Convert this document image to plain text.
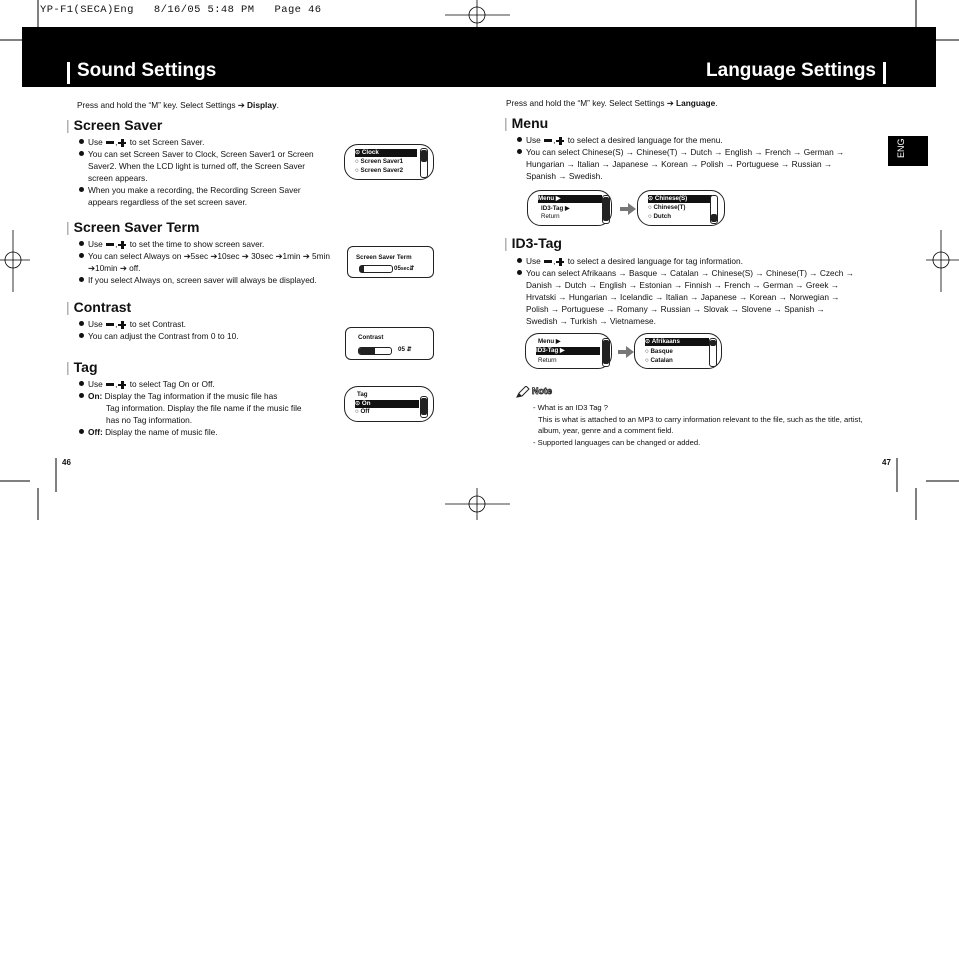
YP-F1(SECA)Eng   8/16/05 5:48 PM   Page 46
Sound Settings	Language Settings
Press and hold the “M” key. Select Settings ➔ Display.
| Screen Saver
Use , to set Screen Saver.
You can set Screen Saver to Clock, Screen Saver1 or Screen Saver2. When the LCD light is turned off, the Screen Saver screen appears.
When you make a recording, the Recording Screen Saver appears regardless of the set screen saver.
⊙ Clock
○ Screen Saver1
○ Screen Saver2
| Screen Saver Term
Use , to set the time to show screen saver.
You can select Always on ➔5sec ➔10sec ➔ 30sec ➔1min ➔ 5min ➔10min ➔ off.
If you select Always on, screen saver will always be displayed.
Screen Saver Term
05sec⇵
| Contrast
Use , to set Contrast.
You can adjust the Contrast from 0 to 10.	Contrast
05 ⇵
| Tag
Use , to select Tag On or Off.
On: Display the Tag information if the music file has
Tag information. Display the file name if the music file
has no Tag information.
Off: Display the name of music file.
Tag
⊙ On
○ Off
46
Press and hold the “M” key. Select Settings ➔ Language.
| Menu
Use , to select a desired language for the menu.
You can select Chinese(S) → Chinese(T) → Dutch → English → French → German →
Hungarian → Italian → Japanese → Korean → Polish → Portuguese → Russian →
Spanish → Swedish.
Menu ▶
ID3-Tag ▶
Return
⊙ Chinese(S)
○ Chinese(T)
○ Dutch
| ID3-Tag
Use , to select a desired language for tag information.
You can select Afrikaans → Basque → Catalan → Chinese(S) → Chinese(T) → Czech →
Danish → Dutch → English → Estonian → Finnish → French → German → Greek →
Hrvatski → Hungarian → Icelandic → Italian → Japanese → Korean → Norwegian →
Polish → Portuguese → Romany → Russian → Slovak → Slovene → Spanish →
Swedish → Turkish → Vietnamese.
Menu ▶
ID3-Tag ▶
Return
⊙ Afrikaans
○ Basque
○ Catalan
Note
- What is an ID3 Tag ?
This is what is attached to an MP3 to carry information relevant to the file, such as the title, artist,
album, year, genre and a comment field.
- Supported languages can be changed or added.
ENG
47
